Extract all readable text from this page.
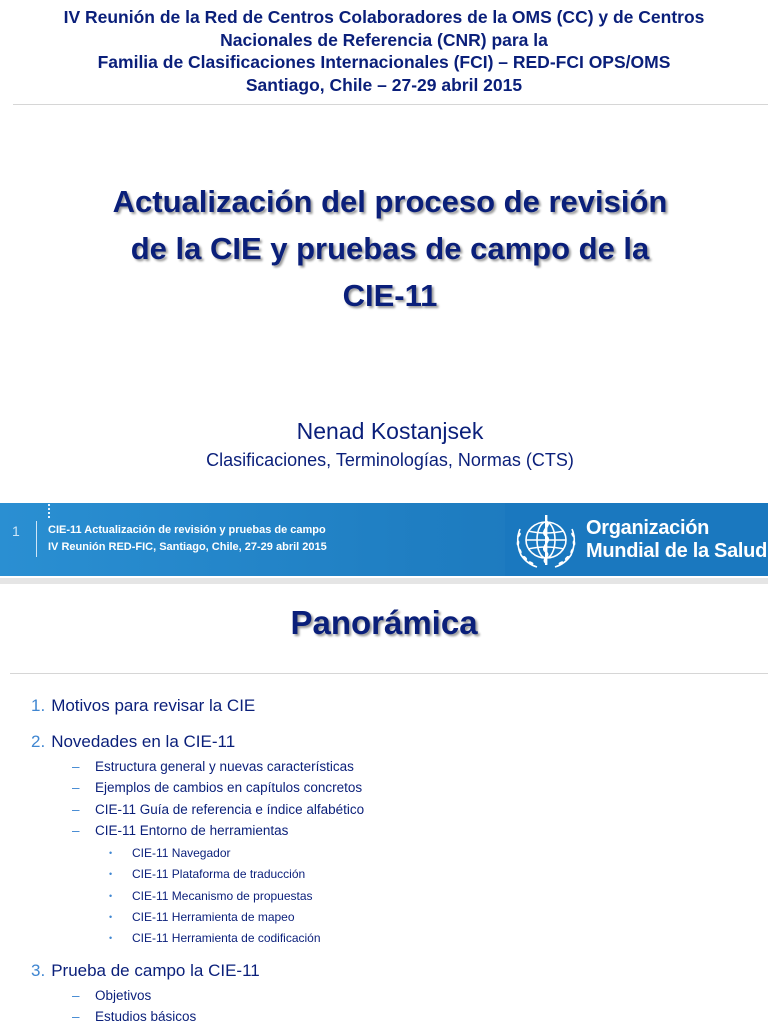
IV Reunión de la Red de Centros Colaboradores de la OMS (CC) y de Centros
Nacionales de Referencia (CNR) para la
Familia de Clasificaciones Internacionales (FCI) – RED-FCI OPS/OMS
Santiago, Chile – 27-29 abril 2015
Actualización del proceso de revisión
de la CIE y pruebas de campo de la
CIE-11
Nenad Kostanjsek
Clasificaciones, Terminologías, Normas (CTS)
1	CIE-11 Actualización de revisión y pruebas de campo
IV Reunión RED-FIC, Santiago, Chile, 27-29 abril 2015
Organización
Mundial de la Salud
Panorámica
1. Motivos para revisar la CIE
2. Novedades en la CIE-11
– Estructura general y nuevas características
– Ejemplos de cambios en capítulos concretos
– CIE-11 Guía de referencia e índice alfabético
– CIE-11 Entorno de herramientas
• CIE-11 Navegador
• CIE-11 Plataforma de traducción
• CIE-11 Mecanismo de propuestas
• CIE-11 Herramienta de mapeo
• CIE-11 Herramienta de codificación
3. Prueba de campo la CIE-11
– Objetivos
– Estudios básicos
